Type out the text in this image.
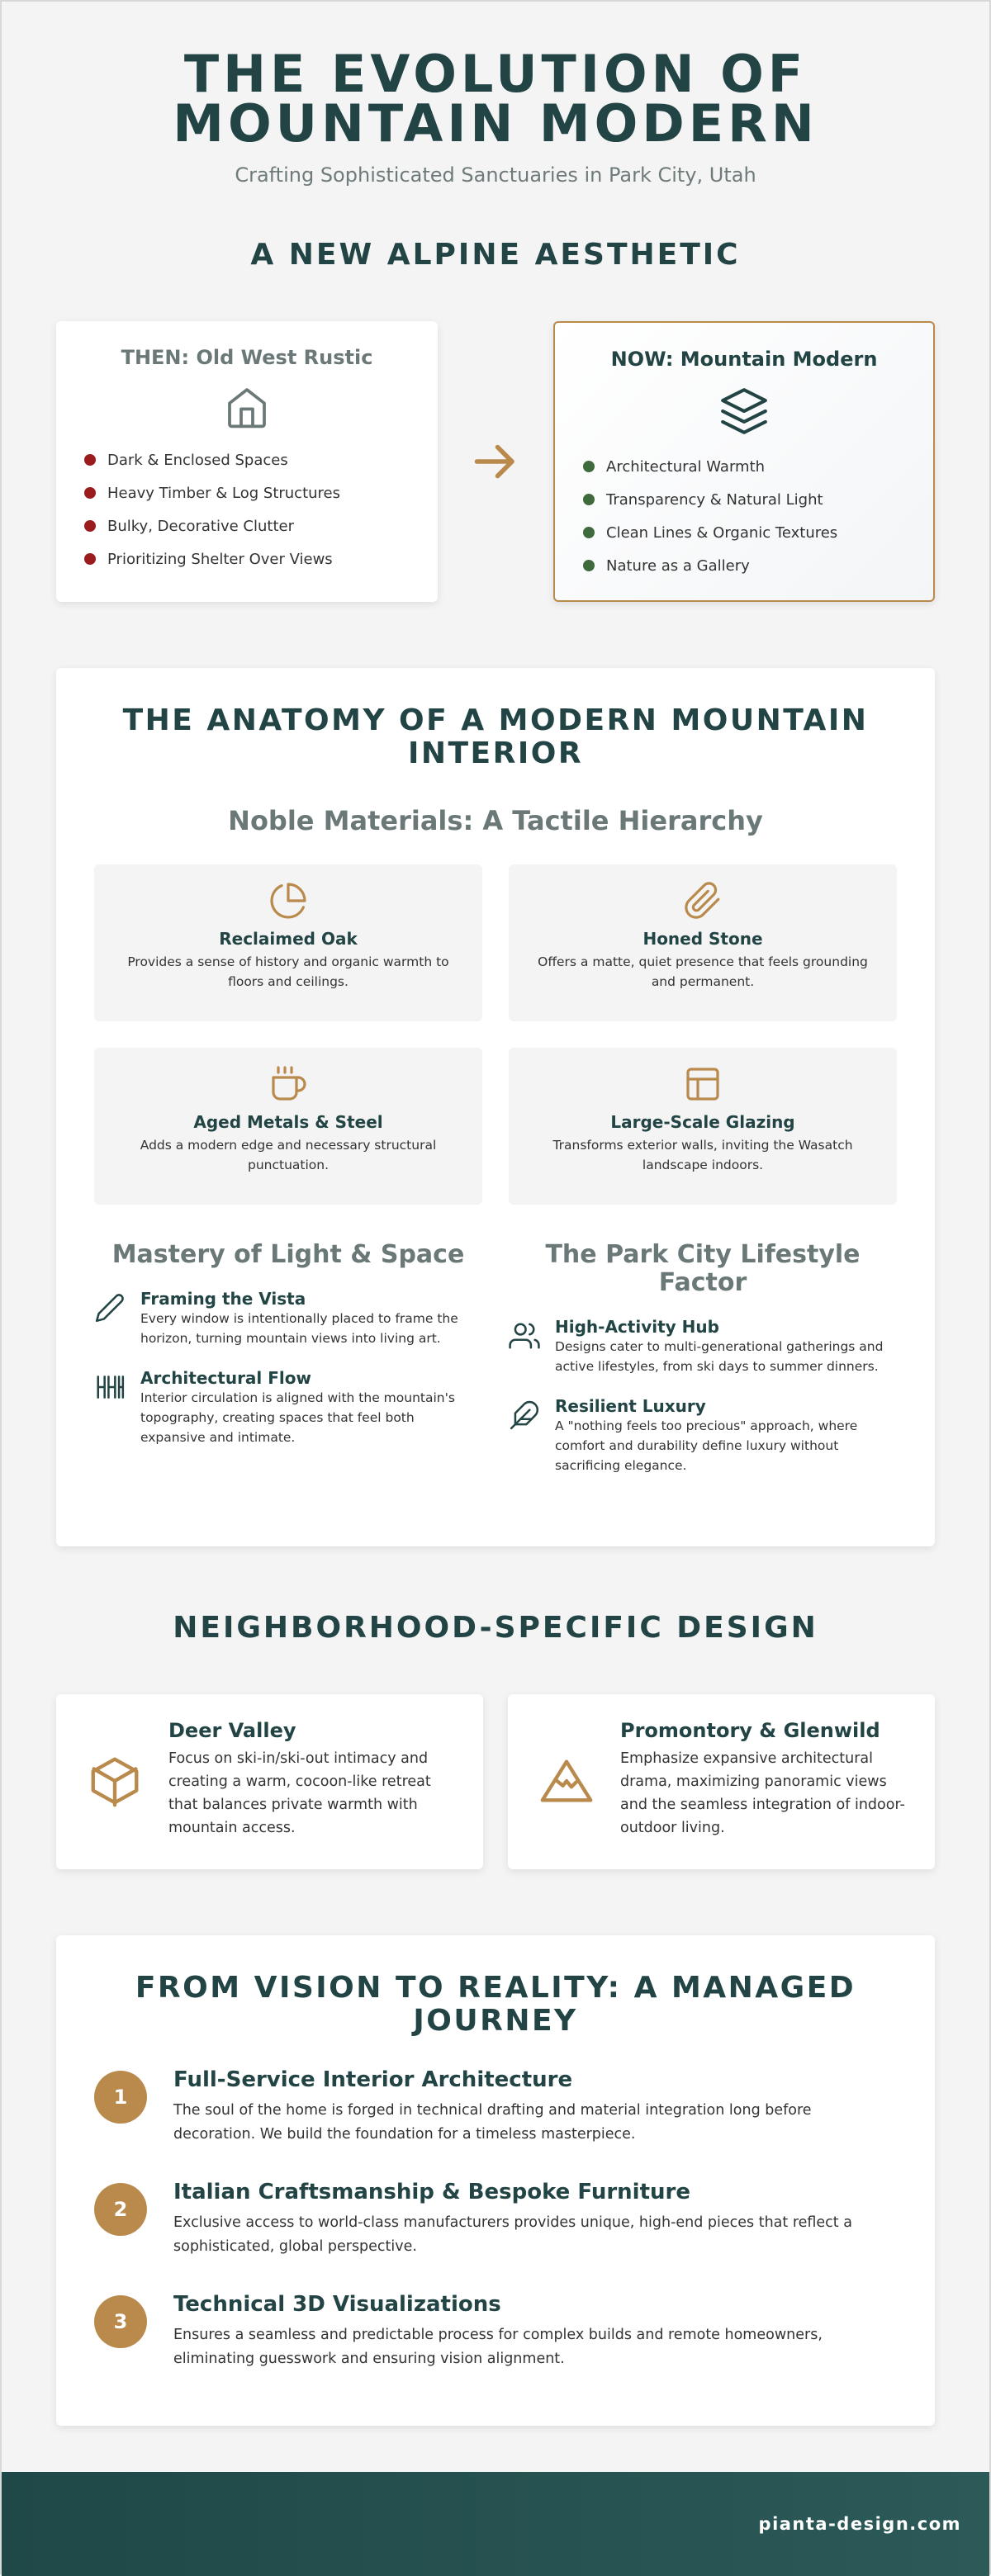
THE EVOLUTION OF
MOUNTAIN MODERN
Crafting Sophisticated Sanctuaries in Park City, Utah
A NEW ALPINE AESTHETIC
THEN: Old West Rustic
Dark & Enclosed Spaces
Heavy Timber & Log Structures
Bulky, Decorative Clutter
Prioritizing Shelter Over Views
NOW: Mountain Modern
Architectural Warmth
Transparency & Natural Light
Clean Lines & Organic Textures
Nature as a Gallery
THE ANATOMY OF A MODERN MOUNTAIN INTERIOR
Noble Materials: A Tactile Hierarchy
Reclaimed Oak
Provides a sense of history and organic warmth to floors and ceilings.
Honed Stone
Offers a matte, quiet presence that feels grounding and permanent.
Aged Metals & Steel
Adds a modern edge and necessary structural punctuation.
Large-Scale Glazing
Transforms exterior walls, inviting the Wasatch landscape indoors.
Mastery of Light & Space
Framing the Vista
Every window is intentionally placed to frame the horizon, turning mountain views into living art.
Architectural Flow
Interior circulation is aligned with the mountain's topography, creating spaces that feel both expansive and intimate.
The Park City Lifestyle Factor
High-Activity Hub
Designs cater to multi-generational gatherings and active lifestyles, from ski days to summer dinners.
Resilient Luxury
A "nothing feels too precious" approach, where comfort and durability define luxury without sacrificing elegance.
NEIGHBORHOOD-SPECIFIC DESIGN
Deer Valley
Focus on ski-in/ski-out intimacy and creating a warm, cocoon-like retreat that balances private warmth with mountain access.
Promontory & Glenwild
Emphasize expansive architectural drama, maximizing panoramic views and the seamless integration of indoor-outdoor living.
FROM VISION TO REALITY: A MANAGED JOURNEY
1
Full-Service Interior Architecture
The soul of the home is forged in technical drafting and material integration long before decoration. We build the foundation for a timeless masterpiece.
2
Italian Craftsmanship & Bespoke Furniture
Exclusive access to world-class manufacturers provides unique, high-end pieces that reflect a sophisticated, global perspective.
3
Technical 3D Visualizations
Ensures a seamless and predictable process for complex builds and remote homeowners, eliminating guesswork and ensuring vision alignment.
pianta-design.com
